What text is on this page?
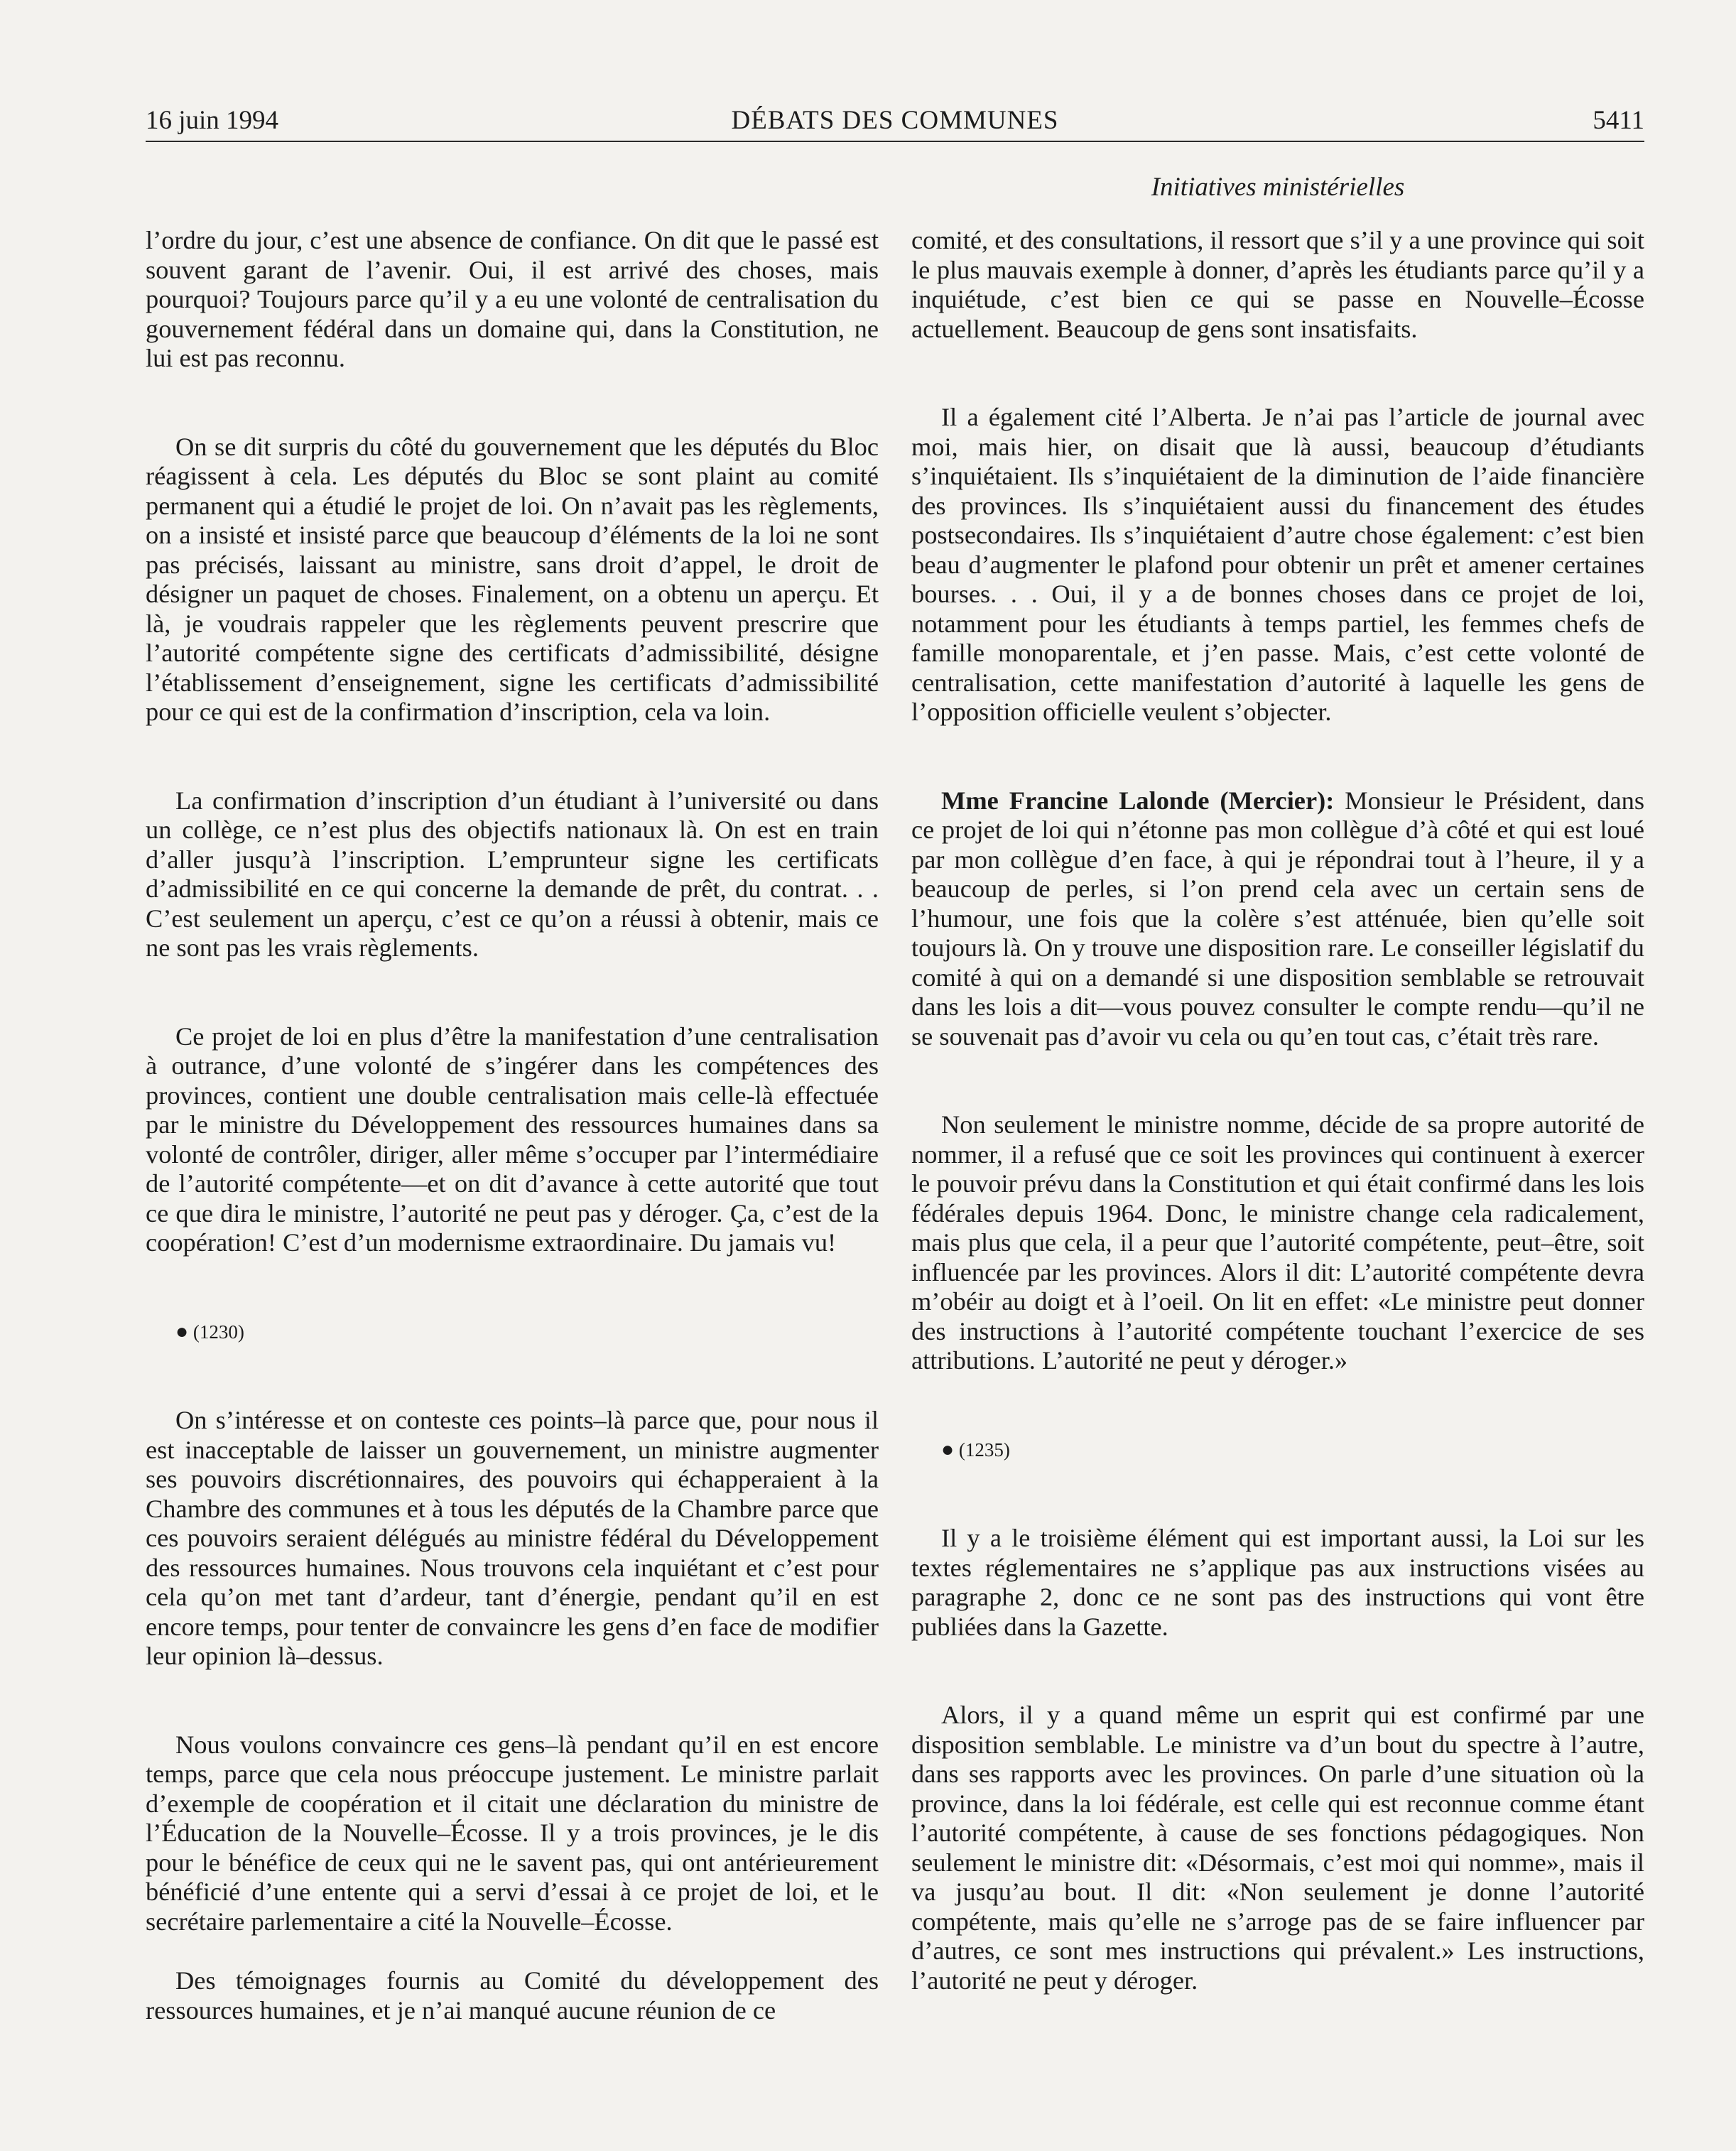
16 juin 1994	DÉBATS DES COMMUNES	5411
Initiatives ministérielles

l’ordre du jour, c’est une absence de confiance. On dit que le passé est souvent garant de l’avenir. Oui, il est arrivé des choses, mais pourquoi? Toujours parce qu’il y a eu une volonté de centralisation du gouvernement fédéral dans un domaine qui, dans la Constitution, ne lui est pas reconnu.

On se dit surpris du côté du gouvernement que les députés du Bloc réagissent à cela. Les députés du Bloc se sont plaint au comité permanent qui a étudié le projet de loi. On n’avait pas les règlements, on a insisté et insisté parce que beaucoup d’éléments de la loi ne sont pas précisés, laissant au ministre, sans droit d’appel, le droit de désigner un paquet de choses. Finalement, on a obtenu un aperçu. Et là, je voudrais rappeler que les règlements peuvent prescrire que l’autorité compétente signe des certificats d’admissibilité, désigne l’établissement d’enseignement, signe les certificats d’admissibilité pour ce qui est de la confirmation d’inscription, cela va loin.

La confirmation d’inscription d’un étudiant à l’université ou dans un collège, ce n’est plus des objectifs nationaux là. On est en train d’aller jusqu’à l’inscription. L’emprunteur signe les certificats d’admissibilité en ce qui concerne la demande de prêt, du contrat. . . C’est seulement un aperçu, c’est ce qu’on a réussi à obtenir, mais ce ne sont pas les vrais règlements.

Ce projet de loi en plus d’être la manifestation d’une centralisation à outrance, d’une volonté de s’ingérer dans les compétences des provinces, contient une double centralisation mais celle-là effectuée par le ministre du Développement des ressources humaines dans sa volonté de contrôler, diriger, aller même s’occuper par l’intermédiaire de l’autorité compétente—et on dit d’avance à cette autorité que tout ce que dira le ministre, l’autorité ne peut pas y déroger. Ça, c’est de la coopération! C’est d’un modernisme extraordinaire. Du jamais vu!

● (1230)

On s’intéresse et on conteste ces points–là parce que, pour nous il est inacceptable de laisser un gouvernement, un ministre augmenter ses pouvoirs discrétionnaires, des pouvoirs qui échapperaient à la Chambre des communes et à tous les députés de la Chambre parce que ces pouvoirs seraient délégués au ministre fédéral du Développement des ressources humaines. Nous trouvons cela inquiétant et c’est pour cela qu’on met tant d’ardeur, tant d’énergie, pendant qu’il en est encore temps, pour tenter de convaincre les gens d’en face de modifier leur opinion là–dessus.

Nous voulons convaincre ces gens–là pendant qu’il en est encore temps, parce que cela nous préoccupe justement. Le ministre parlait d’exemple de coopération et il citait une déclaration du ministre de l’Éducation de la Nouvelle–Écosse. Il y a trois provinces, je le dis pour le bénéfice de ceux qui ne le savent pas, qui ont antérieurement bénéficié d’une entente qui a servi d’essai à ce projet de loi, et le secrétaire parlementaire a cité la Nouvelle–Écosse.

Des témoignages fournis au Comité du développement des ressources humaines, et je n’ai manqué aucune réunion de ce

comité, et des consultations, il ressort que s’il y a une province qui soit le plus mauvais exemple à donner, d’après les étudiants parce qu’il y a inquiétude, c’est bien ce qui se passe en Nouvelle–Écosse actuellement. Beaucoup de gens sont insatisfaits.

Il a également cité l’Alberta. Je n’ai pas l’article de journal avec moi, mais hier, on disait que là aussi, beaucoup d’étudiants s’inquiétaient. Ils s’inquiétaient de la diminution de l’aide financière des provinces. Ils s’inquiétaient aussi du financement des études postsecondaires. Ils s’inquiétaient d’autre chose également: c’est bien beau d’augmenter le plafond pour obtenir un prêt et amener certaines bourses. . . Oui, il y a de bonnes choses dans ce projet de loi, notamment pour les étudiants à temps partiel, les femmes chefs de famille monoparentale, et j’en passe. Mais, c’est cette volonté de centralisation, cette manifestation d’autorité à laquelle les gens de l’opposition officielle veulent s’objecter.

Mme Francine Lalonde (Mercier): Monsieur le Président, dans ce projet de loi qui n’étonne pas mon collègue d’à côté et qui est loué par mon collègue d’en face, à qui je répondrai tout à l’heure, il y a beaucoup de perles, si l’on prend cela avec un certain sens de l’humour, une fois que la colère s’est atténuée, bien qu’elle soit toujours là. On y trouve une disposition rare. Le conseiller législatif du comité à qui on a demandé si une disposition semblable se retrouvait dans les lois a dit—vous pouvez consulter le compte rendu—qu’il ne se souvenait pas d’avoir vu cela ou qu’en tout cas, c’était très rare.

Non seulement le ministre nomme, décide de sa propre autorité de nommer, il a refusé que ce soit les provinces qui continuent à exercer le pouvoir prévu dans la Constitution et qui était confirmé dans les lois fédérales depuis 1964. Donc, le ministre change cela radicalement, mais plus que cela, il a peur que l’autorité compétente, peut–être, soit influencée par les provinces. Alors il dit: L’autorité compétente devra m’obéir au doigt et à l’oeil. On lit en effet: «Le ministre peut donner des instructions à l’autorité compétente touchant l’exercice de ses attributions. L’autorité ne peut y déroger.»

● (1235)

Il y a le troisième élément qui est important aussi, la Loi sur les textes réglementaires ne s’applique pas aux instructions visées au paragraphe 2, donc ce ne sont pas des instructions qui vont être publiées dans la Gazette.

Alors, il y a quand même un esprit qui est confirmé par une disposition semblable. Le ministre va d’un bout du spectre à l’autre, dans ses rapports avec les provinces. On parle d’une situation où la province, dans la loi fédérale, est celle qui est reconnue comme étant l’autorité compétente, à cause de ses fonctions pédagogiques. Non seulement le ministre dit: «Désormais, c’est moi qui nomme», mais il va jusqu’au bout. Il dit: «Non seulement je donne l’autorité compétente, mais qu’elle ne s’arroge pas de se faire influencer par d’autres, ce sont mes instructions qui prévalent.» Les instructions, l’autorité ne peut y déroger.
